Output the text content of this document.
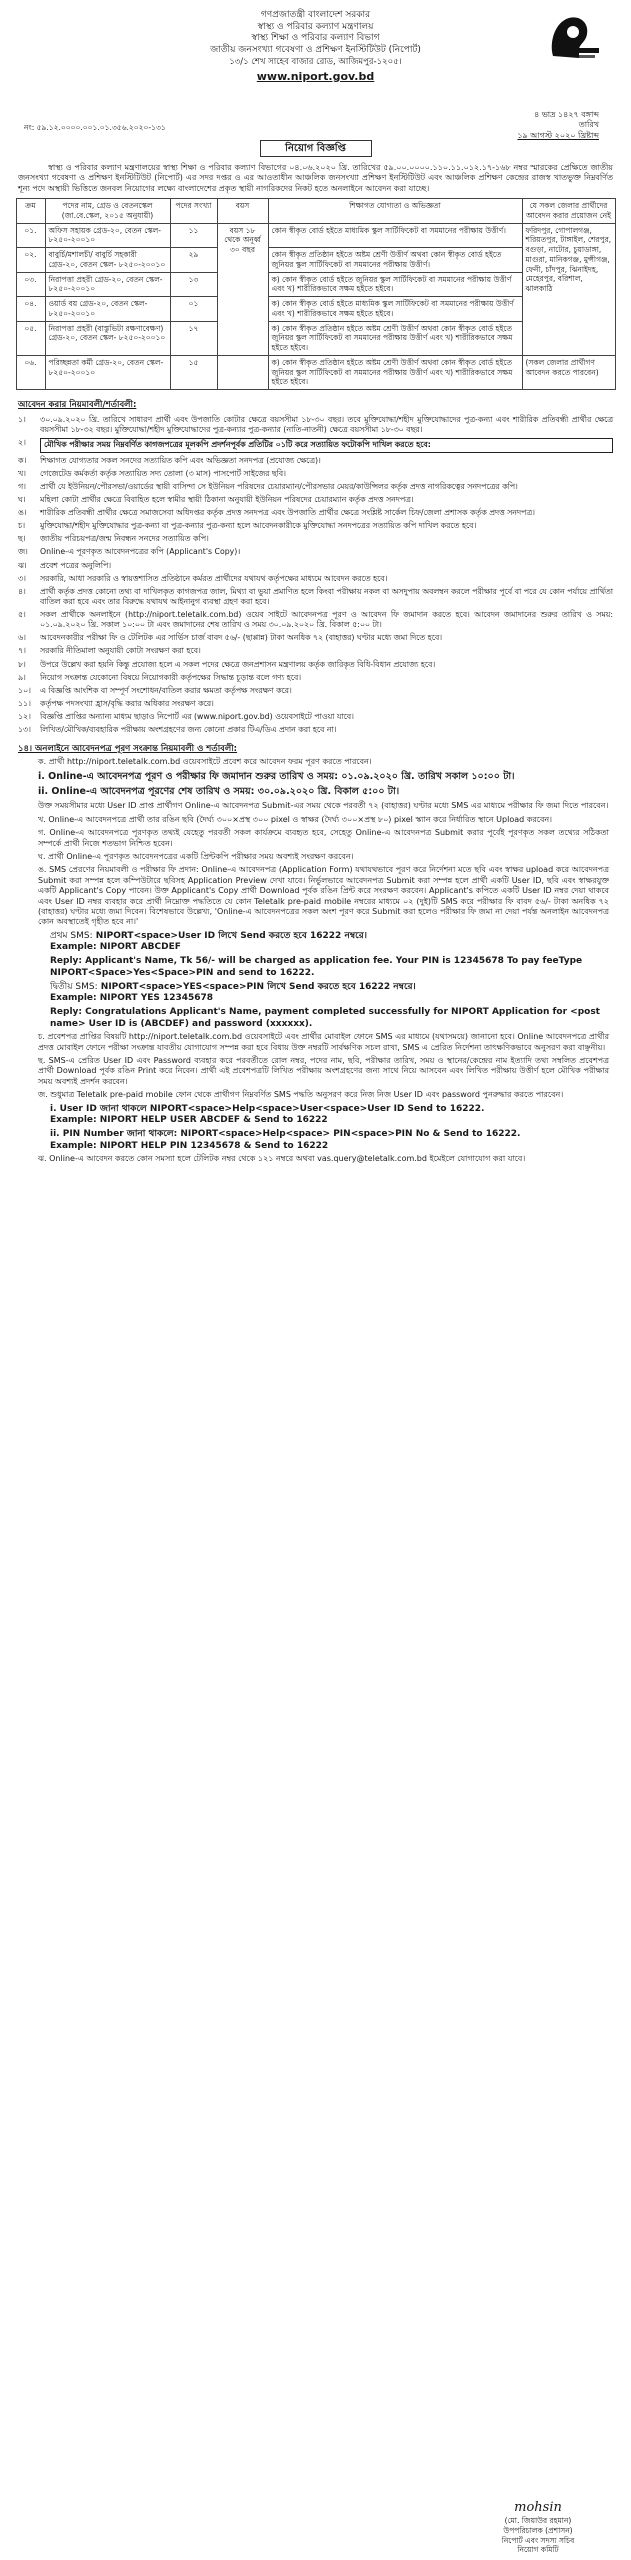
গণপ্রজাতন্ত্রী বাংলাদেশ সরকার
স্বাস্থ্য ও পরিবার কল্যাণ মন্ত্রণালয়
স্বাস্থ্য শিক্ষা ও পরিবার কল্যাণ বিভাগ
জাতীয় জনসংখ্যা গবেষণা ও প্রশিক্ষণ ইনস্টিটিউট (নিপোর্ট)
১৩/১ শেখ সাহেব বাজার রোড, আজিমপুর-১২০৫।
www.niport.gov.bd
নং: ৫৯.১২.০০০০.০০১.০১.৩৫৬.২০২০-১৩১
৪ ভাদ্র ১৪২৭ বঙ্গাব্দ
তারিখ
১৯ আগস্ট ২০২০ খ্রিষ্টাব্দ
নিয়োগ বিজ্ঞপ্তি

স্বাস্থ্য ও পরিবার কল্যাণ মন্ত্রণালয়ের স্বাস্থ্য শিক্ষা ও পরিবার কল্যাণ বিভাগের ০৪.০৬.২০২০ খ্রি. তারিখের ৫৯.০০.০০০০.১১০.১১.০১২.১৭-১৬৮ নম্বর স্মারকের প্রেক্ষিতে জাতীয় জনসংখ্যা গবেষণা ও প্রশিক্ষণ ইনস্টিটিউট (নিপোর্ট) এর সদর দপ্তর ও এর আওতাধীন আঞ্চলিক জনসংখ্যা প্রশিক্ষণ ইনস্টিটিউট এবং আঞ্চলিক প্রশিক্ষণ কেন্দ্রের রাজস্ব খাতভুক্ত নিম্নবর্ণিত শূন্য পদে অস্থায়ী ভিত্তিতে জনবল নিয়োগের লক্ষ্যে বাংলাদেশের প্রকৃত স্থায়ী নাগরিকদের নিকট হতে অনলাইনে আবেদন করা যাচ্ছে।

ক্রম	পদের নাম, গ্রেড ও বেতনস্কেল (জা.বে.স্কেল, ২০১৫ অনুযায়ী)	পদের সংখ্যা	বয়স	শিক্ষাগত যোগ্যতা ও অভিজ্ঞতা	যে সকল জেলার প্রার্থীদের আবেদন করার প্রয়োজন নেই
০১.	অফিস সহায়ক গ্রেড-২০, বেতন স্কেল- ৮২৫০-২০০১০	১১	বয়স ১৮ থেকে অনূর্ধ্ব ৩০ বছর	কোন স্বীকৃত বোর্ড হইতে মাধ্যমিক স্কুল সার্টিফিকেট বা সমমানের পরীক্ষায় উত্তীর্ণ।	ফরিদপুর, গোপালগঞ্জ, শরিয়তপুর, টাঙ্গাইল, শেরপুর, বগুড়া, নাটোর, চুয়াডাঙ্গা, মাগুরা, মানিকগঞ্জ, মুন্সীগঞ্জ, ফেনী, চাঁদপুর, ঝিনাইদহ, মেহেরপুর, বরিশাল, ঝালকাঠি
০২.	বাবুর্চি/মশালচী/ বাবুর্চি সহকারী গ্রেড-২০, বেতন স্কেল- ৮২৫০-২০০১০	২৯		কোন স্বীকৃত প্রতিষ্ঠান হইতে অষ্টম শ্রেণী উত্তীর্ণ অথবা কোন স্বীকৃত বোর্ড হইতে জুনিয়র স্কুল সার্টিফিকেট বা সমমানের পরীক্ষায় উত্তীর্ণ।	
০৩.	নিরাপত্তা প্রহরী গ্রেড-২০, বেতন স্কেল- ৮২৫০-২০০১০	১৩		ক) কোন স্বীকৃত বোর্ড হইতে জুনিয়র স্কুল সার্টিফিকেট বা সমমানের পরীক্ষায় উত্তীর্ণ এবং খ) শারীরিকভাবে সক্ষম হইতে হইবে।	
০৪.	ওয়ার্ড বয় গ্রেড-২০, বেতন স্কেল- ৮২৫০-২০০১০	০১		ক) কোন স্বীকৃত বোর্ড হইতে মাধ্যমিক স্কুল সার্টিফিকেট বা সমমানের পরীক্ষায় উত্তীর্ণ এবং খ) শারীরিকভাবে সক্ষম হইতে হইবে।	
০৫.	নিরাপত্তা প্রহরী (বাস্তুভিটা রক্ষণাবেক্ষণ) গ্রেড-২০, বেতন স্কেল- ৮২৫০-২০০১০	১৭		ক) কোন স্বীকৃত প্রতিষ্ঠান হইতে অষ্টম শ্রেণী উত্তীর্ণ অথবা কোন স্বীকৃত বোর্ড হইতে জুনিয়র স্কুল সার্টিফিকেট বা সমমানের পরীক্ষায় উত্তীর্ণ এবং খ) শারীরিকভাবে সক্ষম হইতে হইবে।	
০৬.	পরিচ্ছন্নতা কর্মী গ্রেড-২০, বেতন স্কেল- ৮২৫০-২০০১০	১৫		ক) কোন স্বীকৃত প্রতিষ্ঠান হইতে অষ্টম শ্রেণী উত্তীর্ণ অথবা কোন স্বীকৃত বোর্ড হইতে জুনিয়র স্কুল সার্টিফিকেট বা সমমানের পরীক্ষায় উত্তীর্ণ এবং খ) শারীরিকভাবে সক্ষম হইতে হইবে।	(সকল জেলার প্রার্থীগণ আবেদন করতে পারবেন)
আবেদন করার নিয়মাবলী/শর্তাবলী:
১।	৩০.০৯.২০২০ খ্রি. তারিখে সাধারণ প্রার্থী এবং উপজাতি কোটার ক্ষেত্রে বয়সসীমা ১৮-৩০ বছর। তবে মুক্তিযোদ্ধা/শহীদ মুক্তিযোদ্ধাদের পুত্র-কন্যা এবং শারীরিক প্রতিবন্ধী প্রার্থীর ক্ষেত্রে বয়সসীমা ১৮-৩২ বছর। মুক্তিযোদ্ধা/শহীদ মুক্তিযোদ্ধাদের পুত্র-কন্যার পুত্র-কন্যার (নাতি-নাতনী) ক্ষেত্রে বয়সসীমা ১৮-৩০ বছর।
২।	মৌখিক পরীক্ষার সময় নিম্নবর্ণিত কাগজপত্রের মূলকপি প্রদর্শনপূর্বক প্রতিটির ০১টি করে সত্যায়িত ফটোকপি দাখিল করতে হবে:
ক।	শিক্ষাগত যোগ্যতার সকল সনদের সত্যায়িত কপি এবং অভিজ্ঞতা সনদপত্র (প্রযোজ্য ক্ষেত্রে)।
খ।	গেজেটেড কর্মকর্তা কর্তৃক সত্যায়িত সদ্য তোলা (৩ মাস) পাসপোর্ট সাইজের ছবি।
গ।	প্রার্থী যে ইউনিয়ন/পৌরসভা/ওয়ার্ডের স্থায়ী বাসিন্দা সে ইউনিয়ন পরিষদের চেয়ারম্যান/পৌরসভার মেয়র/কাউন্সিলর কর্তৃক প্রদত্ত নাগরিকত্বের সনদপত্রের কপি।
ঘ।	মহিলা কোটা প্রার্থীর ক্ষেত্রে বিবাহিত হলে স্বামীর স্থায়ী ঠিকানা অনুযায়ী ইউনিয়ন পরিষদের চেয়ারম্যান কর্তৃক প্রদত্ত সনদপত্র।
ঙ।	শারীরিক প্রতিবন্ধী প্রার্থীর ক্ষেত্রে সমাজসেবা অধিদপ্তর কর্তৃক প্রদত্ত সনদপত্র এবং উপজাতি প্রার্থীর ক্ষেত্রে সংশ্লিষ্ট সার্কেল চিফ/জেলা প্রশাসক কর্তৃক প্রদত্ত সনদপত্র।
চ।	মুক্তিযোদ্ধা/শহীদ মুক্তিযোদ্ধার পুত্র-কন্যা বা পুত্র-কন্যার পুত্র-কন্যা হলে আবেদনকারীকে মুক্তিযোদ্ধা সনদপত্রের সত্যায়িত কপি দাখিল করতে হবে।
ছ।	জাতীয় পরিচয়পত্র/জন্ম নিবন্ধন সনদের সত্যায়িত কপি।
জ।	Online-এ পূরণকৃত আবেদনপত্রের কপি (Applicant's Copy)।
ঝ।	প্রবেশ পত্রের অনুলিপি।
৩।	সরকারি, আধা সরকারি ও স্বায়ত্তশাসিত প্রতিষ্ঠানে কর্মরত প্রার্থীদের যথাযথ কর্তৃপক্ষের মাধ্যমে আবেদন করতে হবে।
৪।	প্রার্থী কর্তৃক প্রদত্ত কোনো তথ্য বা দাখিলকৃত কাগজপত্র জাল, মিথ্যা বা ভুয়া প্রমাণিত হলে কিংবা পরীক্ষায় নকল বা অসদুপায় অবলম্বন করলে পরীক্ষার পূর্বে বা পরে যে কোন পর্যায়ে প্রার্থিতা বাতিল করা হবে এবং তার বিরুদ্ধে যথাযথ আইনানুগ ব্যবস্থা গ্রহণ করা হবে।
৫।	সকল প্রার্থীকে অনলাইনে (http://niport.teletalk.com.bd) ওয়েব সাইটে আবেদনপত্র পূরণ ও আবেদন ফি জমাদান করতে হবে। আবেদন জমাদানের শুরুর তারিখ ও সময়: ০১.০৯.২০২০ খ্রি. সকাল ১০:০০ টা এবং জমাদানের শেষ তারিখ ও সময় ৩০.০৯.২০২০ খ্রি. বিকাল ৫:০০ টা।
৬।	আবেদনকারীর পরীক্ষা ফি ও টেলিটক এর সার্ভিস চার্জ বাবদ ৫৬/- (ছাপ্পান্ন) টাকা অনধিক ৭২ (বাহাত্তর) ঘণ্টার মধ্যে জমা দিতে হবে।
৭।	সরকারি নীতিমালা অনুযায়ী কোটা সংরক্ষণ করা হবে।
৮।	উপরে উল্লেখ করা হয়নি কিন্তু প্রযোজ্য হলে এ সকল পদের ক্ষেত্রে জনপ্রশাসন মন্ত্রণালয় কর্তৃক জারিকৃত বিধি-বিধান প্রযোজ্য হবে।
৯।	নিয়োগ সংক্রান্ত যেকোনো বিষয়ে নিয়োগকারী কর্তৃপক্ষের সিদ্ধান্ত চূড়ান্ত বলে গণ্য হবে।
১০।	এ বিজ্ঞপ্তি আংশিক বা সম্পূর্ণ সংশোধন/বাতিল করার ক্ষমতা কর্তৃপক্ষ সংরক্ষণ করে।
১১।	কর্তৃপক্ষ পদসংখ্যা হ্রাস/বৃদ্ধি করার অধিকার সংরক্ষণ করে।
১২।	বিজ্ঞপ্তি প্রাপ্তির অন্যান্য মাধ্যম ছাড়াও নিপোর্ট এর (www.niport.gov.bd) ওয়েবসাইটে পাওয়া যাবে।
১৩।	লিখিত/মৌখিক/ব্যবহারিক পরীক্ষায় অংশগ্রহণের জন্য কোনো প্রকার টিএ/ডিএ প্রদান করা হবে না।
১৪। অনলাইনে আবেদনপত্র পূরণ সংক্রান্ত নিয়মাবলী ও শর্তাবলী:

ক. প্রার্থী http://niport.teletalk.com.bd ওয়েবসাইটে প্রবেশ করে আবেদন ফরম পূরণ করতে পারবেন।

i. Online-এ আবেদনপত্র পূরণ ও পরীক্ষার ফি জমাদান শুরুর তারিখ ও সময়: ০১.০৯.২০২০ খ্রি. তারিখ সকাল ১০:০০ টা।

ii. Online-এ আবেদনপত্র পূরণের শেষ তারিখ ও সময়: ৩০.০৯.২০২০ খ্রি. বিকাল ৫:০০ টা।

উক্ত সময়সীমার মধ্যে User ID প্রাপ্ত প্রার্থীগণ Online-এ আবেদনপত্র Submit-এর সময় থেকে পরবর্তী ৭২ (বাহাত্তর) ঘণ্টার মধ্যে SMS এর মাধ্যমে পরীক্ষার ফি জমা দিতে পারবেন।

খ. Online-এ আবেদনপত্রে প্রার্থী তার রঙিন ছবি (দৈর্ঘ্য ৩০০×প্রস্থ ৩০০ pixel ও স্বাক্ষর (দৈর্ঘ্য ৩০০×প্রস্থ ৮০) pixel স্ক্যান করে নির্ধারিত স্থানে Upload করবেন।

গ. Online-এ আবেদনপত্রে পূরণকৃত তথ্যই যেহেতু পরবর্তী সকল কার্যক্রমে ব্যবহৃত হবে, সেহেতু Online-এ আবেদনপত্র Submit করার পূর্বেই পূরণকৃত সকল তথ্যের সঠিকতা সম্পর্কে প্রার্থী নিজে শতভাগ নিশ্চিত হবেন।

ঘ. প্রার্থী Online-এ পূরণকৃত আবেদনপত্রের একটি প্রিন্টকপি পরীক্ষার সময় অবশ্যই সংরক্ষণ করবেন।

ঙ. SMS প্রেরণের নিয়মাবলী ও পরীক্ষার ফি প্রদান: Online-এ আবেদনপত্র (Application Form) যথাযথভাবে পূরণ করে নির্দেশনা মতে ছবি এবং স্বাক্ষর upload করে আবেদনপত্র Submit করা সম্পন্ন হলে কম্পিউটারে ছবিসহ Application Preview দেখা যাবে। নির্ভুলভাবে আবেদনপত্র Submit করা সম্পন্ন হলে প্রার্থী একটি User ID, ছবি এবং স্বাক্ষরযুক্ত একটি Applicant's Copy পাবেন। উক্ত Applicant's Copy প্রার্থী Download পূর্বক রঙিন প্রিন্ট করে সংরক্ষণ করবেন। Applicant's কপিতে একটি User ID নম্বর দেয়া থাকবে এবং User ID নম্বর ব্যবহার করে প্রার্থী নিম্নোক্ত পদ্ধতিতে যে কোন Teletalk pre-paid mobile নম্বরের মাধ্যমে ০২ (দুই)টি SMS করে পরীক্ষার ফি বাবদ ৫৬/- টাকা অনধিক ৭২ (বাহাত্তর) ঘণ্টার মধ্যে জমা দিবেন। বিশেষভাবে উল্লেখ্য, 'Online-এ আবেদনপত্রের সকল অংশ পূরণ করে Submit করা হলেও পরীক্ষার ফি জমা না দেয়া পর্যন্ত অনলাইন আবেদনপত্র কোন অবস্থাতেই গৃহীত হবে না।'

প্রথম SMS: NIPORT<space>User ID লিখে Send করতে হবে 16222 নম্বরে।
Example: NIPORT ABCDEF
Reply: Applicant's Name, Tk 56/- will be charged as application fee. Your PIN is 12345678 To pay feeType NIPORT<Space>Yes<Space>PIN and send to 16222.
দ্বিতীয় SMS: NIPORT<space>YES<space>PIN লিখে Send করতে হবে 16222 নম্বরে।
Example: NIPORT YES 12345678
Reply: Congratulations Applicant's Name, payment completed successfully for NIPORT Application for <post name> User ID is (ABCDEF) and password (xxxxxx).

চ. প্রবেশপত্র প্রাপ্তির বিষয়টি http://niport.teletalk.com.bd ওয়েবসাইটে এবং প্রার্থীর মোবাইল ফোনে SMS এর মাধ্যমে (যথাসময়ে) জানানো হবে। Online আবেদনপত্রে প্রার্থীর প্রদত্ত মোবাইল ফোনে পরীক্ষা সংক্রান্ত যাবতীয় যোগাযোগ সম্পন্ন করা হবে বিধায় উক্ত নম্বরটি সার্বক্ষণিক সচল রাখা, SMS এ প্রেরিত নির্দেশনা তাৎক্ষণিকভাবে অনুসরণ করা বাঞ্ছনীয়।

ছ. SMS-এ প্রেরিত User ID এবং Password ব্যবহার করে পরবর্তীতে রোল নম্বর, পদের নাম, ছবি, পরীক্ষার তারিখ, সময় ও স্থানের/কেন্দ্রের নাম ইত্যাদি তথ্য সম্বলিত প্রবেশপত্র প্রার্থী Download পূর্বক রঙিন Print করে নিবেন। প্রার্থী এই প্রবেশপত্রটি লিখিত পরীক্ষায় অংশগ্রহণের জন্য সাথে নিয়ে আসবেন এবং লিখিত পরীক্ষায় উত্তীর্ণ হলে মৌখিক পরীক্ষার সময় অবশ্যই প্রদর্শন করবেন।

জ. শুধুমাত্র Teletalk pre-paid mobile ফোন থেকে প্রার্থীগণ নিম্নবর্ণিত SMS পদ্ধতি অনুসরণ করে নিজ নিজ User ID এবং password পুনরুদ্ধার করতে পারবেন।

i. User ID জানা থাকলে NIPORT<space>Help<space>User<space>User ID Send to 16222.
Example: NIPORT HELP USER ABCDEF & Send to 16222
ii. PIN Number জানা থাকলে: NIPORT<space>Help<space> PIN<space>PIN No & Send to 16222.
Example: NIPORT HELP PIN 12345678 & Send to 16222

ঝ. Online-এ আবেদন করতে কোন সমস্যা হলে টেলিটক নম্বর থেকে ১২১ নম্বরে অথবা vas.query@teletalk.com.bd ইমেইলে যোগাযোগ করা যাবে।

mohsin
(মো. জিয়াউর রহমান)
উপপরিচালক (প্রশাসন)
নিপোর্ট এবং সদস্য সচিব
নিয়োগ কমিটি
